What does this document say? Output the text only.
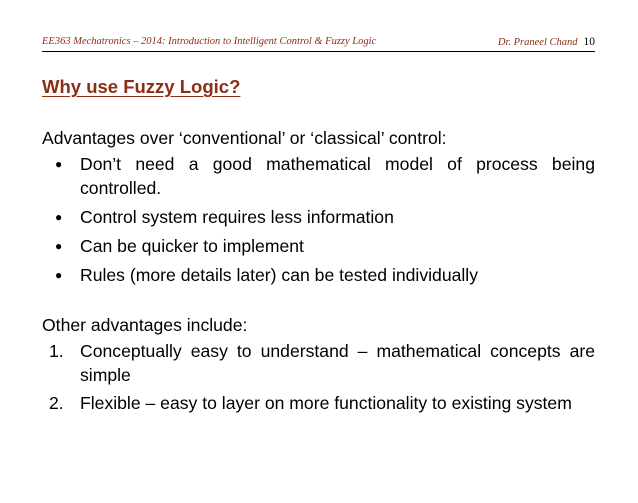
EE363 Mechatronics – 2014: Introduction to Intelligent Control & Fuzzy Logic	Dr. Praneel Chand 10
Why use Fuzzy Logic?

Advantages over ‘conventional’ or ‘classical’ control:

● Don’t need a good mathematical model of process being controlled.
● Control system requires less information
● Can be quicker to implement
● Rules (more details later) can be tested individually

Other advantages include:

1. Conceptually easy to understand – mathematical concepts are simple
2. Flexible – easy to layer on more functionality to existing system
